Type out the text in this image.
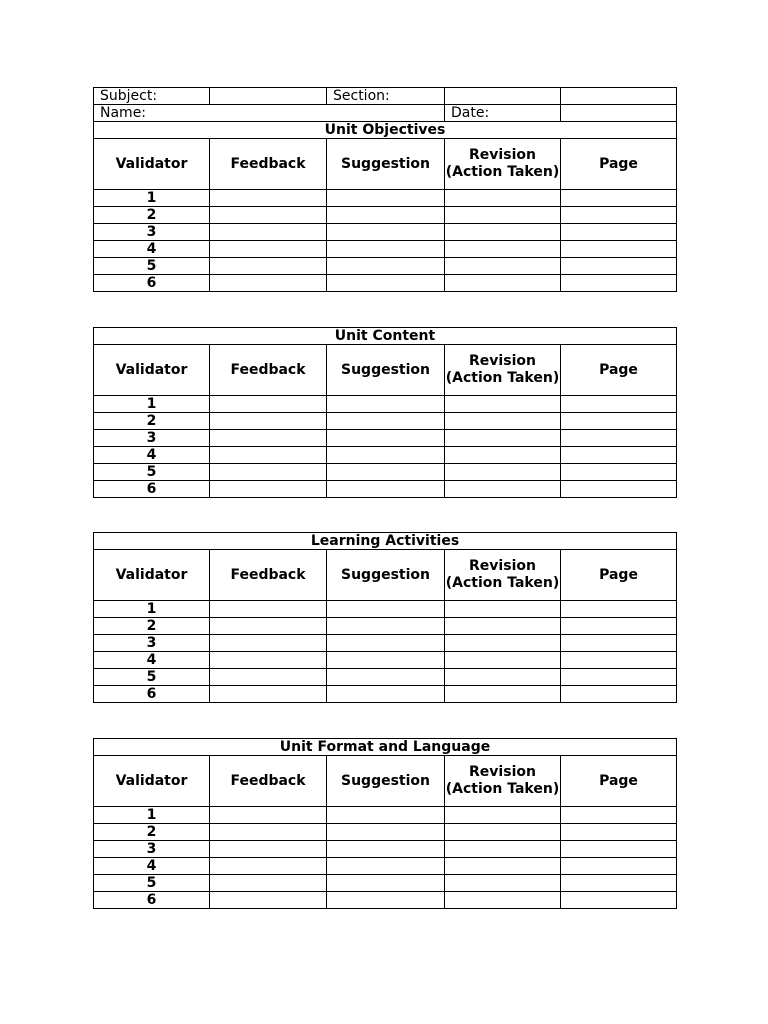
Subject:		Section:		
Name:			Date:	
Unit Objectives				
Validator	Feedback	Suggestion	Revision (Action Taken)	Page
1				
2				
3				
4				
5				
6				
Unit Content				
Validator	Feedback	Suggestion	Revision (Action Taken)	Page
1				
2				
3				
4				
5				
6				
Learning Activities				
Validator	Feedback	Suggestion	Revision (Action Taken)	Page
1				
2				
3				
4				
5				
6				
Unit Format and Language				
Validator	Feedback	Suggestion	Revision (Action Taken)	Page
1				
2				
3				
4				
5				
6				
